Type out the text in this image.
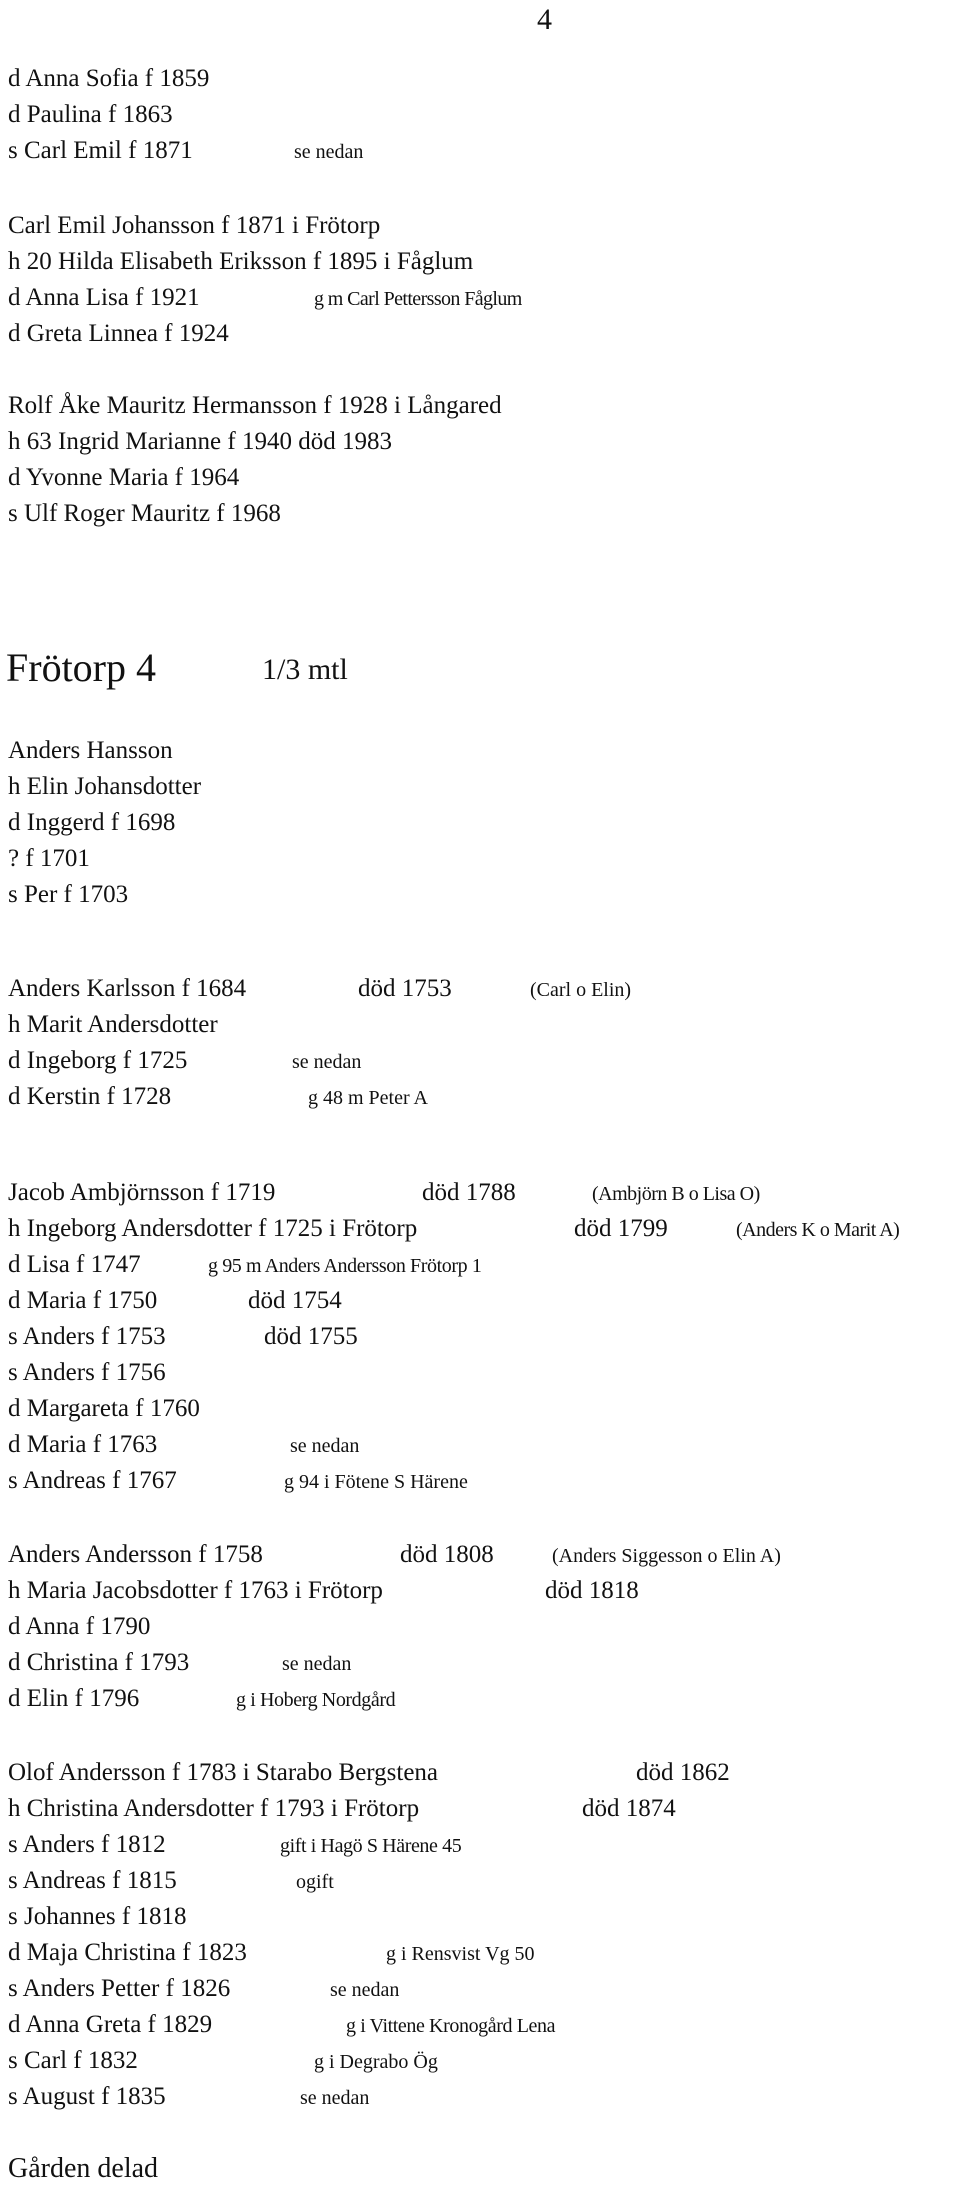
4
d Anna Sofia f 1859
d Paulina f 1863
s Carl Emil f 1871	se nedan
Carl Emil Johansson f 1871 i Frötorp
h 20 Hilda Elisabeth Eriksson f 1895 i Fåglum
d Anna Lisa f 1921	g m Carl Pettersson Fåglum
d Greta Linnea f 1924
Rolf Åke Mauritz Hermansson f 1928 i Långared
h 63 Ingrid Marianne f 1940 död 1983
d Yvonne Maria f 1964
s Ulf Roger Mauritz f 1968
Frötorp 4	1/3 mtl
Anders Hansson
h Elin Johansdotter
d Inggerd f 1698
? f 1701
s Per f 1703
Anders Karlsson f 1684	död 1753	(Carl o Elin)
h Marit Andersdotter
d Ingeborg f 1725	se nedan
d Kerstin f 1728	g 48 m Peter A
Jacob Ambjörnsson f 1719	död 1788	(Ambjörn B o Lisa O)
h Ingeborg Andersdotter f 1725 i Frötorp	död 1799	(Anders K o Marit A)
d Lisa f 1747	g 95 m Anders Andersson Frötorp 1
d Maria f 1750	död 1754
s Anders f 1753	död 1755
s Anders f 1756
d Margareta f 1760
d Maria f 1763	se nedan
s Andreas f 1767	g 94 i Fötene S Härene
Anders Andersson f 1758	död 1808	(Anders Siggesson o Elin A)
h Maria Jacobsdotter f 1763 i Frötorp	död 1818
d Anna f 1790
d Christina f 1793	se nedan
d Elin f 1796	g i Hoberg Nordgård
Olof Andersson f 1783 i Starabo Bergstena	död 1862
h Christina Andersdotter f 1793 i Frötorp	död 1874
s Anders f 1812	gift i Hagö S Härene 45
s Andreas f 1815	ogift
s Johannes f 1818
d Maja Christina f 1823	g i Rensvist Vg 50
s Anders Petter f 1826	se nedan
d Anna Greta f 1829	g i Vittene Kronogård Lena
s Carl f 1832	g i Degrabo Ög
s August f 1835	se nedan
Gården delad
